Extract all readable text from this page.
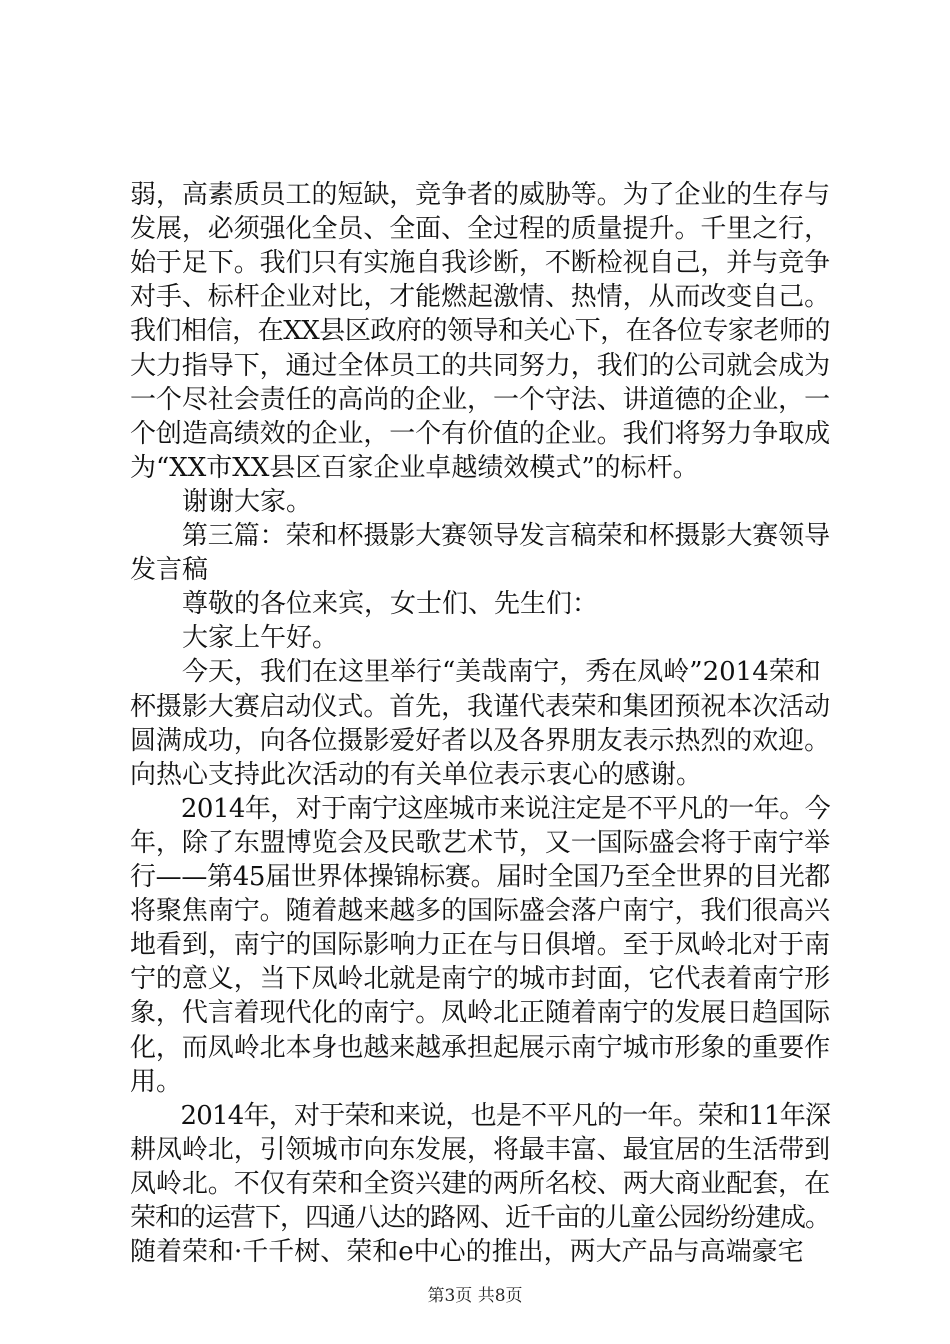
弱，高素质员工的短缺，竞争者的威胁等。为了企业的生存与
发展，必须强化全员、全面、全过程的质量提升。千里之行，
始于足下。我们只有实施自我诊断，不断检视自己，并与竞争
对手、标杆企业对比，才能燃起激情、热情，从而改变自己。
我们相信，在XX县区政府的领导和关心下，在各位专家老师的
大力指导下，通过全体员工的共同努力，我们的公司就会成为
一个尽社会责任的高尚的企业，一个守法、讲道德的企业，一
个创造高绩效的企业，一个有价值的企业。我们将努力争取成
为“XX市XX县区百家企业卓越绩效模式”的标杆。
　　谢谢大家。
　　第三篇：荣和杯摄影大赛领导发言稿荣和杯摄影大赛领导
发言稿
　　尊敬的各位来宾，女士们、先生们：
　　大家上午好。
　　今天，我们在这里举行“美哉南宁，秀在凤岭”2014荣和
杯摄影大赛启动仪式。首先，我谨代表荣和集团预祝本次活动
圆满成功，向各位摄影爱好者以及各界朋友表示热烈的欢迎。
向热心支持此次活动的有关单位表示衷心的感谢。
　　2014年，对于南宁这座城市来说注定是不平凡的一年。今
年，除了东盟博览会及民歌艺术节，又一国际盛会将于南宁举
行——第45届世界体操锦标赛。届时全国乃至全世界的目光都
将聚焦南宁。随着越来越多的国际盛会落户南宁，我们很高兴
地看到，南宁的国际影响力正在与日俱增。至于凤岭北对于南
宁的意义，当下凤岭北就是南宁的城市封面，它代表着南宁形
象，代言着现代化的南宁。凤岭北正随着南宁的发展日趋国际
化，而凤岭北本身也越来越承担起展示南宁城市形象的重要作
用。
　　2014年，对于荣和来说，也是不平凡的一年。荣和11年深
耕凤岭北，引领城市向东发展，将最丰富、最宜居的生活带到
凤岭北。不仅有荣和全资兴建的两所名校、两大商业配套，在
荣和的运营下，四通八达的路网、近千亩的儿童公园纷纷建成。
随着荣和·千千树、荣和e中心的推出，两大产品与高端豪宅
第3页 共8页
